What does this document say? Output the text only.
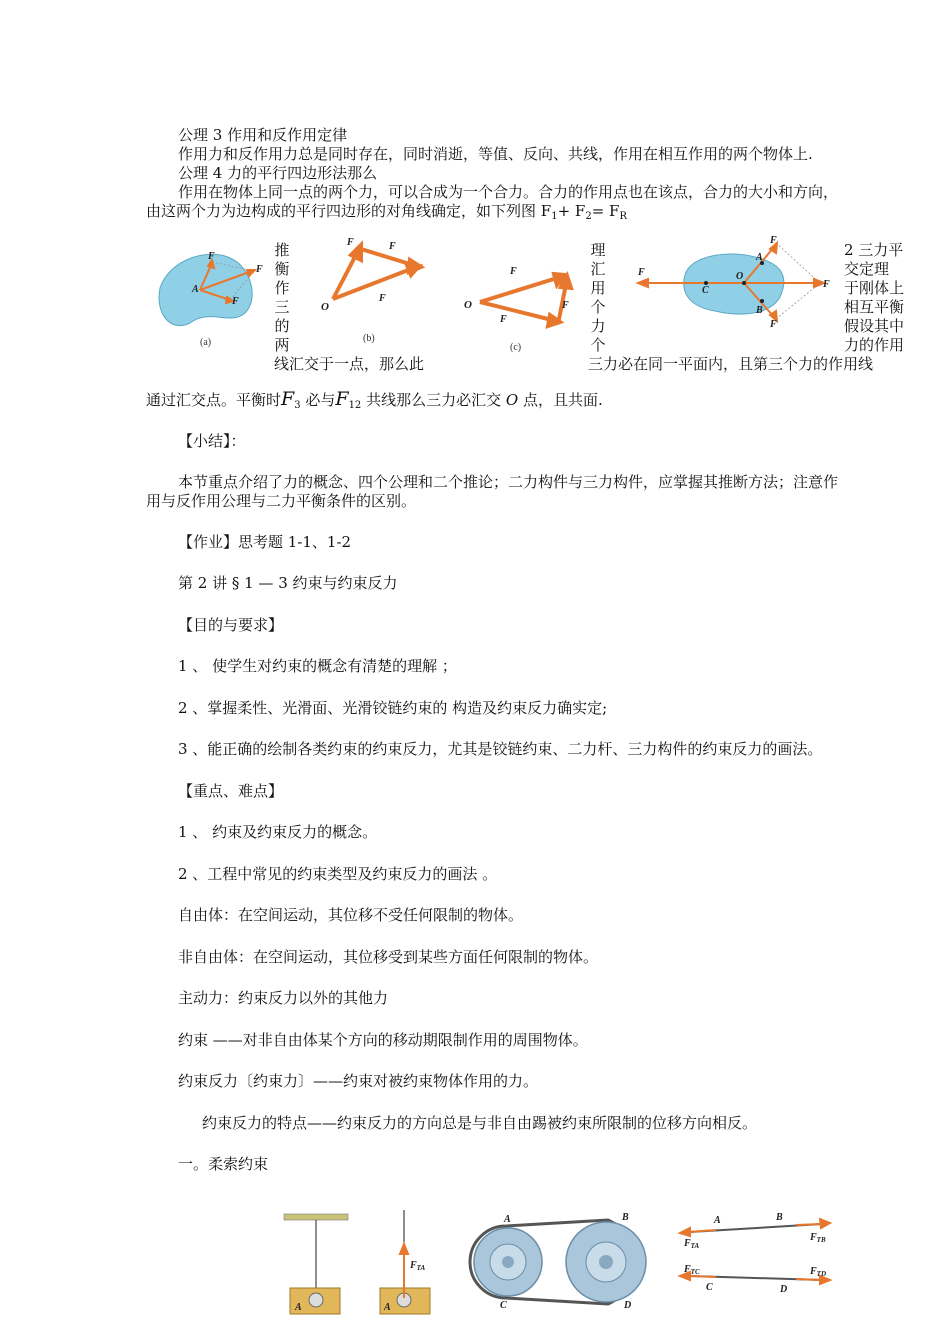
公理 3 作用和反作用定律
作用力和反作用力总是同时存在，同时消逝，等值、反向、共线，作用在相互作用的两个物体上.
公理 4 力的平行四边形法那么
作用在物体上同一点的两个力，可以合成为一个合力。合力的作用点也在该点，合力的大小和方向，
由这两个力为边构成的平行四边形的对角线确定，如下列图 $F_1+ F_2= F_R$
A
F
F
F
(a)
推
衡
作
三
的
两
O
F	F
F
(b)
O
F
F
F
(c)
理
汇
用
个
力
个
F
C
O
A
B
F
F
F
2 三力平
交定理
于刚体上
相互平衡
假设其中
力的作用
线汇交于一点，那么此	三力必在同一平面内，且第三个力的作用线
通过汇交点。平衡时$F_3$ 必与$F_{12}$ 共线那么三力必汇交 O 点，且共面.
【小结】：
本节重点介绍了力的概念、四个公理和二个推论；二力构件与三力构件，应掌握其推断方法；注意作
用与反作用公理与二力平衡条件的区别。
【作业】思考题 1-1、1-2
第 2 讲 § 1 — 3 约束与约束反力
【目的与要求】
1 、 使学生对约束的概念有清楚的理解 ；
2 、掌握柔性、光滑面、光滑铰链约束的 构造及约束反力确实定;
3 、能正确的绘制各类约束的约束反力，尤其是铰链约束、二力杆、三力构件的约束反力的画法。
【重点、难点】
1 、 约束及约束反力的概念。
2 、工程中常见的约束类型及约束反力的画法 。
自由体：在空间运动，其位移不受任何限制的物体。
非自由体：在空间运动，其位移受到某些方面任何限制的物体。
主动力：约束反力以外的其他力
约束 ——对非自由体某个方向的移动期限制作用的周围物体。
约束反力〔约束力〕——约束对被约束物体作用的力。
约束反力的特点——约束反力的方向总是与非自由踢被约束所限制的位移方向相反。
一。柔索约束
A
$F_{TA}$
A
A	B
C	D
A	B
C	D
$F_{TA}$
$F_{TB}$
$F_{TC}$	$F_{TD}$
